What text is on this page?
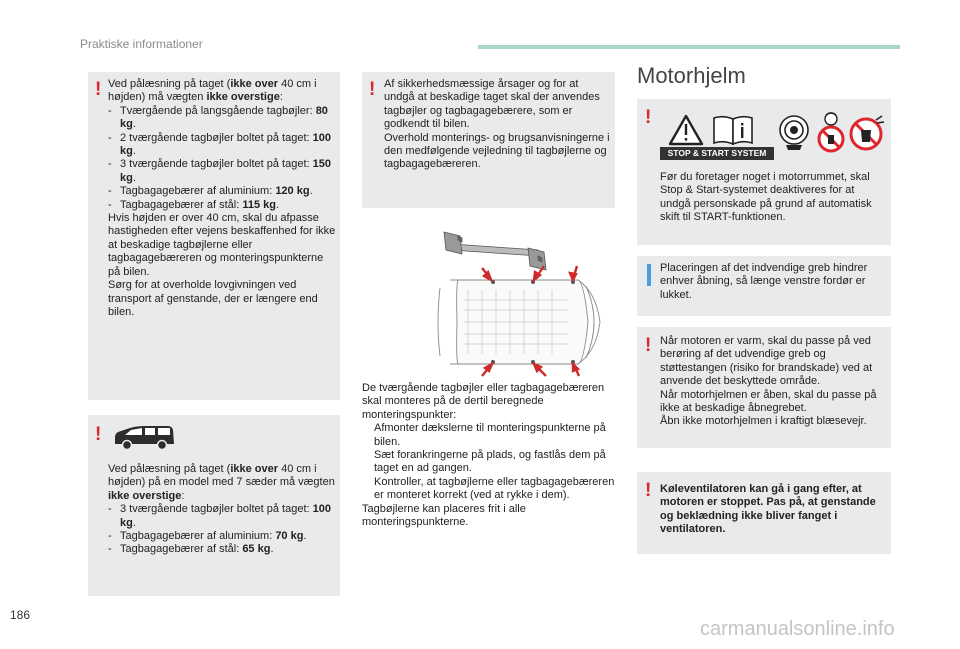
Praktiske informationer
! Ved pålæsning på taget (ikke over 40 cm i højden) må vægten ikke overstige:

- Tværgående på langsgående tagbøjler: 80 kg.
- 2 tværgående tagbøjler boltet på taget: 100 kg.
- 3 tværgående tagbøjler boltet på taget: 150 kg.
- Tagbagagebærer af aluminium: 120 kg.
- Tagbagagebærer af stål: 115 kg.

Hvis højden er over 40 cm, skal du afpasse hastigheden efter vejens beskaffenhed for ikke at beskadige tagbøjlerne eller tagbagagebæreren og monteringspunkterne på bilen.

Sørg for at overholde lovgivningen ved transport af genstande, der er længere end bilen.

!

Ved pålæsning på taget (ikke over 40 cm i højden) på en model med 7 sæder må vægten ikke overstige:

- 3 tværgående tagbøjler boltet på taget: 100 kg.
- Tagbagagebærer af aluminium: 70 kg.
- Tagbagagebærer af stål: 65 kg.
! Af sikkerhedsmæssige årsager og for at undgå at beskadige taget skal der anvendes tagbøjler og tagbagagebærere, som er godkendt til bilen.

Overhold monterings- og brugsanvisningerne i den medfølgende vejledning til tagbøjlerne og tagbagagebæreren.

De tværgående tagbøjler eller tagbagagebæreren skal monteres på de dertil beregnede monteringspunkter:

Afmonter dækslerne til monteringspunkterne på bilen.
Sæt forankringerne på plads, og fastlås dem på taget en ad gangen.
Kontroller, at tagbøjlerne eller tagbagagebæreren er monteret korrekt (ved at rykke i dem).

Tagbøjlerne kan placeres frit i alle monteringspunkterne.

Motorhjelm
!
STOP & START SYSTEM

Før du foretager noget i motorrummet, skal Stop & Start-systemet deaktiveres for at undgå personskade på grund af automatisk skift til START-funktionen.

Placeringen af det indvendige greb hindrer enhver åbning, så længe venstre fordør er lukket.

! Når motoren er varm, skal du passe på ved berøring af det udvendige greb og støttestangen (risiko for brandskade) ved at anvende det beskyttede område.

Når motorhjelmen er åben, skal du passe på ikke at beskadige åbnegrebet.

Åbn ikke motorhjelmen i kraftigt blæsevejr.

! Køleventilatoren kan gå i gang efter, at motoren er stoppet. Pas på, at genstande og beklædning ikke bliver fanget i ventilatoren.

186
carmanualsonline.info
